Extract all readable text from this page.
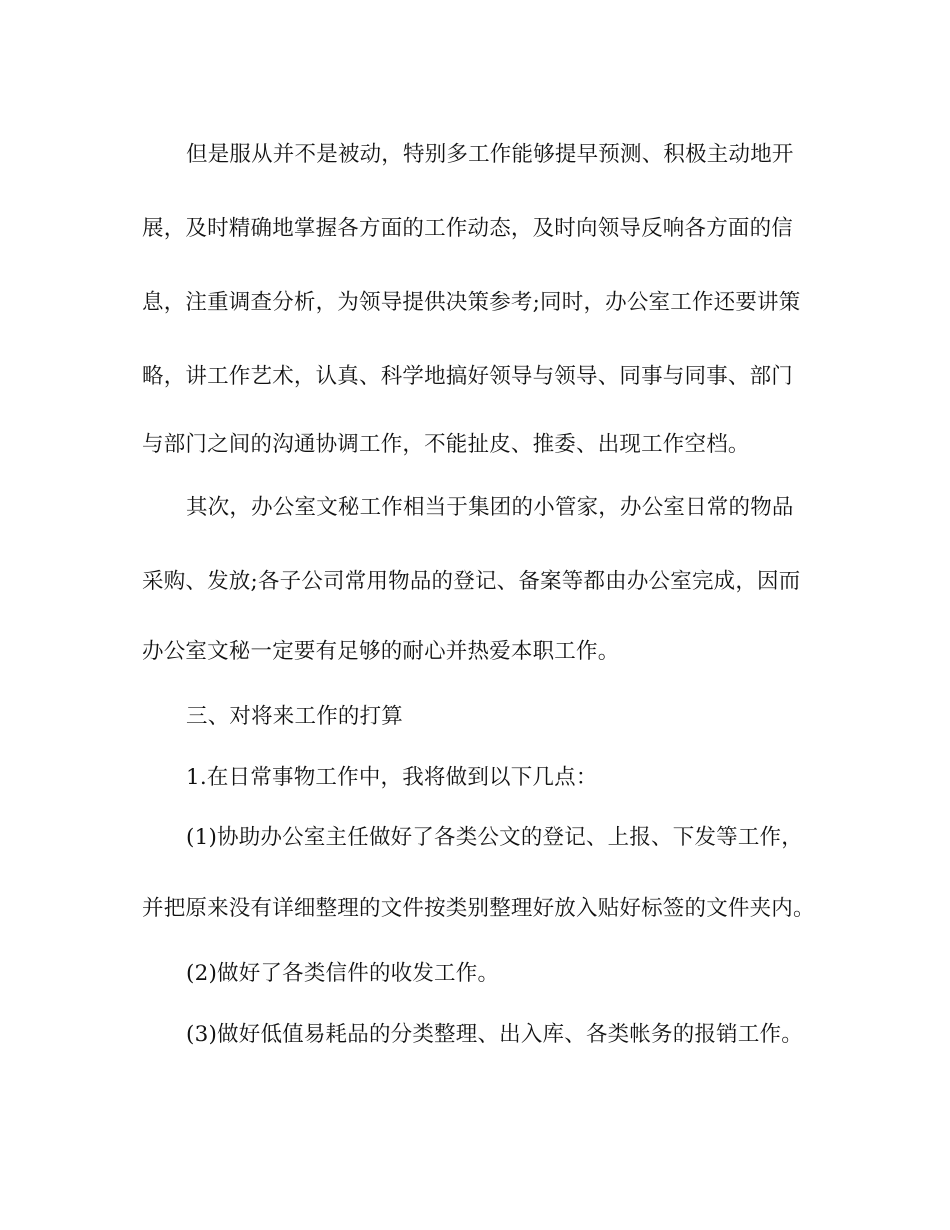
但是服从并不是被动，特别多工作能够提早预测、积极主动地开
展，及时精确地掌握各方面的工作动态，及时向领导反响各方面的信
息，注重调查分析，为领导提供决策参考;同时，办公室工作还要讲策
略，讲工作艺术，认真、科学地搞好领导与领导、同事与同事、部门
与部门之间的沟通协调工作，不能扯皮、推委、出现工作空档。
其次，办公室文秘工作相当于集团的小管家，办公室日常的物品
采购、发放;各子公司常用物品的登记、备案等都由办公室完成，因而
办公室文秘一定要有足够的耐心并热爱本职工作。
三、对将来工作的打算
1.在日常事物工作中，我将做到以下几点：
(1)协助办公室主任做好了各类公文的登记、上报、下发等工作，
并把原来没有详细整理的文件按类别整理好放入贴好标签的文件夹内。
(2)做好了各类信件的收发工作。
(3)做好低值易耗品的分类整理、出入库、各类帐务的报销工作。
